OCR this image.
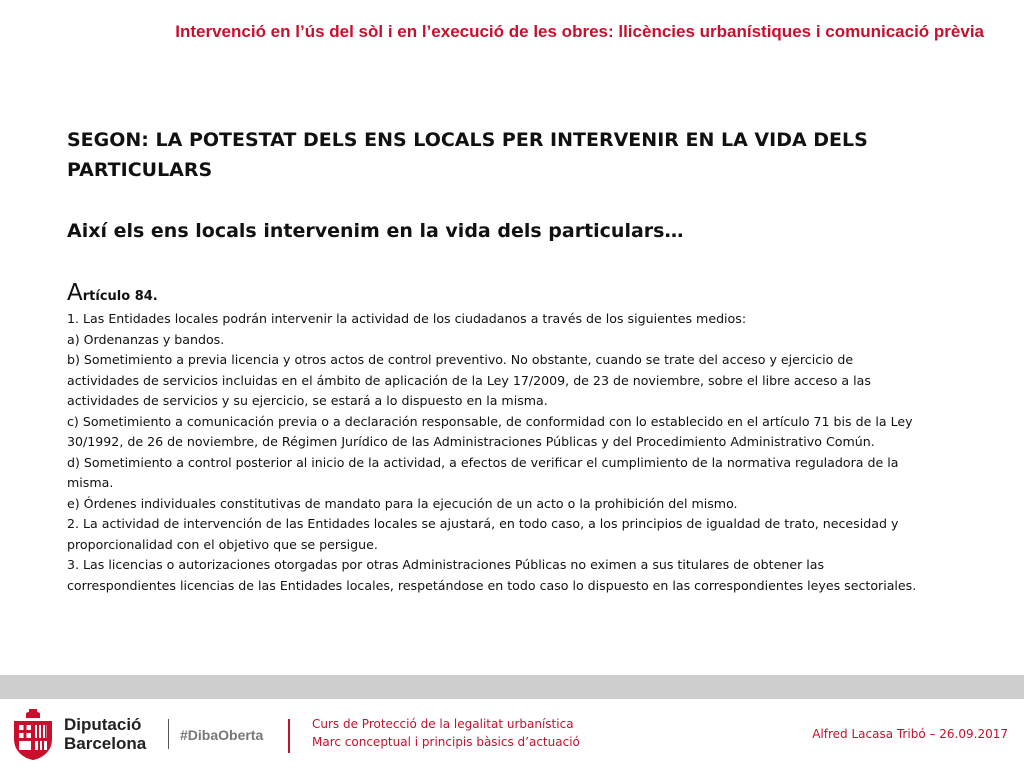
Intervenció en l’ús del sòl i en l’execució de les obres: llicències urbanístiques i comunicació prèvia
SEGON: LA POTESTAT DELS ENS LOCALS PER INTERVENIR EN LA VIDA DELS PARTICULARS
Així els ens locals intervenim en la vida dels particulars…
Artículo 84.

1. Las Entidades locales podrán intervenir la actividad de los ciudadanos a través de los siguientes medios:

a) Ordenanzas y bandos.

b) Sometimiento a previa licencia y otros actos de control preventivo. No obstante, cuando se trate del acceso y ejercicio de actividades de servicios incluidas en el ámbito de aplicación de la Ley 17/2009, de 23 de noviembre, sobre el libre acceso a las actividades de servicios y su ejercicio, se estará a lo dispuesto en la misma.

c) Sometimiento a comunicación previa o a declaración responsable, de conformidad con lo establecido en el artículo 71 bis de la Ley 30/1992, de 26 de noviembre, de Régimen Jurídico de las Administraciones Públicas y del Procedimiento Administrativo Común.

d) Sometimiento a control posterior al inicio de la actividad, a efectos de verificar el cumplimiento de la normativa reguladora de la misma.

e) Órdenes individuales constitutivas de mandato para la ejecución de un acto o la prohibición del mismo.

2. La actividad de intervención de las Entidades locales se ajustará, en todo caso, a los principios de igualdad de trato, necesidad y proporcionalidad con el objetivo que se persigue.

3. Las licencias o autorizaciones otorgadas por otras Administraciones Públicas no eximen a sus titulares de obtener las correspondientes licencias de las Entidades locales, respetándose en todo caso lo dispuesto en las correspondientes leyes sectoriales.

Diputació
Barcelona #DibaOberta
Curs de Protecció de la legalitat urbanística
Marc conceptual i principis bàsics d’actuació
Alfred Lacasa Tribó – 26.09.2017
